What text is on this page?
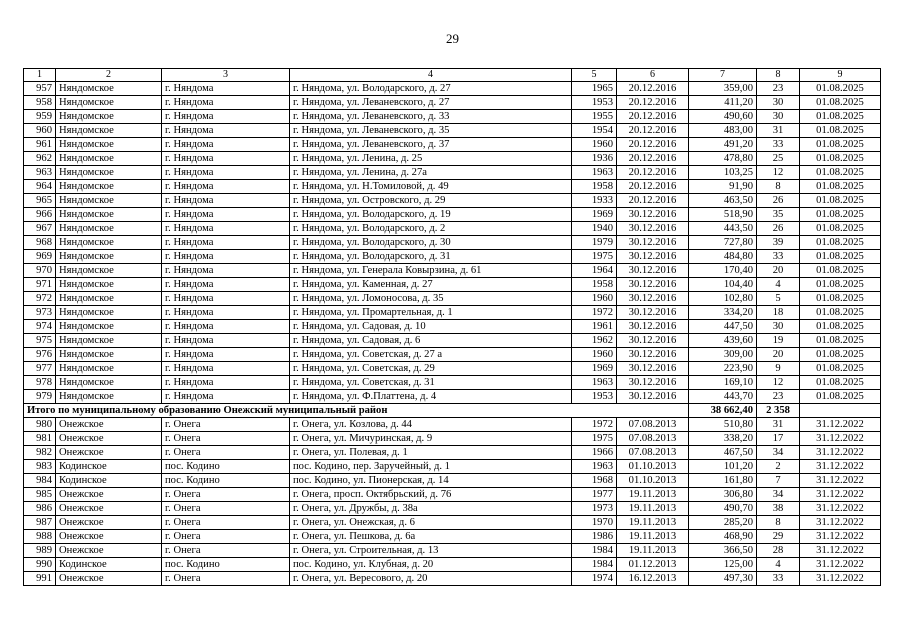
29
1	2	3	4	5	6	7	8	9
957	Няндомское	г. Няндома	г. Няндома, ул. Володарского, д. 27	1965	20.12.2016	359,00	23	01.08.2025
958	Няндомское	г. Няндома	г. Няндома, ул. Леваневского, д. 27	1953	20.12.2016	411,20	30	01.08.2025
959	Няндомское	г. Няндома	г. Няндома, ул. Леваневского, д. 33	1955	20.12.2016	490,60	30	01.08.2025
960	Няндомское	г. Няндома	г. Няндома, ул. Леваневского, д. 35	1954	20.12.2016	483,00	31	01.08.2025
961	Няндомское	г. Няндома	г. Няндома, ул. Леваневского, д. 37	1960	20.12.2016	491,20	33	01.08.2025
962	Няндомское	г. Няндома	г. Няндома, ул. Ленина, д. 25	1936	20.12.2016	478,80	25	01.08.2025
963	Няндомское	г. Няндома	г. Няндома, ул. Ленина, д. 27а	1963	20.12.2016	103,25	12	01.08.2025
964	Няндомское	г. Няндома	г. Няндома, ул. Н.Томиловой, д. 49	1958	20.12.2016	91,90	8	01.08.2025
965	Няндомское	г. Няндома	г. Няндома, ул. Островского, д. 29	1933	20.12.2016	463,50	26	01.08.2025
966	Няндомское	г. Няндома	г. Няндома, ул. Володарского, д. 19	1969	30.12.2016	518,90	35	01.08.2025
967	Няндомское	г. Няндома	г. Няндома, ул. Володарского, д. 2	1940	30.12.2016	443,50	26	01.08.2025
968	Няндомское	г. Няндома	г. Няндома, ул. Володарского, д. 30	1979	30.12.2016	727,80	39	01.08.2025
969	Няндомское	г. Няндома	г. Няндома, ул. Володарского, д. 31	1975	30.12.2016	484,80	33	01.08.2025
970	Няндомское	г. Няндома	г. Няндома, ул. Генерала Ковырзина, д. 61	1964	30.12.2016	170,40	20	01.08.2025
971	Няндомское	г. Няндома	г. Няндома, ул. Каменная, д. 27	1958	30.12.2016	104,40	4	01.08.2025
972	Няндомское	г. Няндома	г. Няндома, ул. Ломоносова, д. 35	1960	30.12.2016	102,80	5	01.08.2025
973	Няндомское	г. Няндома	г. Няндома, ул. Промартельная, д. 1	1972	30.12.2016	334,20	18	01.08.2025
974	Няндомское	г. Няндома	г. Няндома, ул. Садовая, д. 10	1961	30.12.2016	447,50	30	01.08.2025
975	Няндомское	г. Няндома	г. Няндома, ул. Садовая, д. 6	1962	30.12.2016	439,60	19	01.08.2025
976	Няндомское	г. Няндома	г. Няндома, ул. Советская, д. 27 а	1960	30.12.2016	309,00	20	01.08.2025
977	Няндомское	г. Няндома	г. Няндома, ул. Советская, д. 29	1969	30.12.2016	223,90	9	01.08.2025
978	Няндомское	г. Няндома	г. Няндома, ул. Советская, д. 31	1963	30.12.2016	169,10	12	01.08.2025
979	Няндомское	г. Няндома	г. Няндома, ул. Ф.Платтена, д. 4	1953	30.12.2016	443,70	23	01.08.2025
Итого по муниципальному образованию Онежский муниципальный район						38 662,40	2 358	
980	Онежское	г. Онега	г. Онега, ул. Козлова, д. 44	1972	07.08.2013	510,80	31	31.12.2022
981	Онежское	г. Онега	г. Онега, ул. Мичуринская, д. 9	1975	07.08.2013	338,20	17	31.12.2022
982	Онежское	г. Онега	г. Онега, ул. Полевая, д. 1	1966	07.08.2013	467,50	34	31.12.2022
983	Кодинское	пос. Кодино	пос. Кодино, пер. Заручейный, д. 1	1963	01.10.2013	101,20	2	31.12.2022
984	Кодинское	пос. Кодино	пос. Кодино, ул. Пионерская, д. 14	1968	01.10.2013	161,80	7	31.12.2022
985	Онежское	г. Онега	г. Онега, просп. Октябрьский, д. 76	1977	19.11.2013	306,80	34	31.12.2022
986	Онежское	г. Онега	г. Онега, ул. Дружбы, д. 38а	1973	19.11.2013	490,70	38	31.12.2022
987	Онежское	г. Онега	г. Онега, ул. Онежская, д. 6	1970	19.11.2013	285,20	8	31.12.2022
988	Онежское	г. Онега	г. Онега, ул. Пешкова, д. 6а	1986	19.11.2013	468,90	29	31.12.2022
989	Онежское	г. Онега	г. Онега, ул. Строительная, д. 13	1984	19.11.2013	366,50	28	31.12.2022
990	Кодинское	пос. Кодино	пос. Кодино, ул. Клубная, д. 20	1984	01.12.2013	125,00	4	31.12.2022
991	Онежское	г. Онега	г. Онега, ул. Вересового, д. 20	1974	16.12.2013	497,30	33	31.12.2022
